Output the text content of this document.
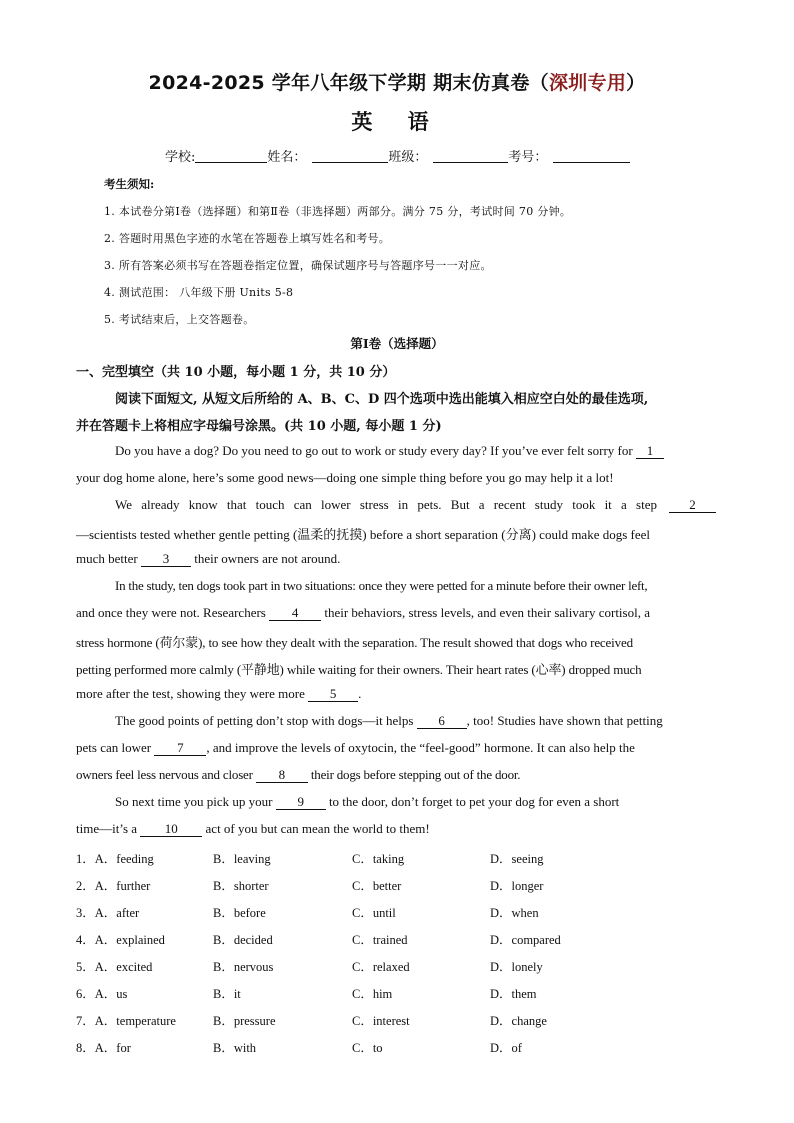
2024-2025 学年八年级下学期 期末仿真卷（深圳专用）
英 语
学校:	姓名：	班级：	考号：
考生须知:
1. 本试卷分第Ⅰ卷（选择题）和第Ⅱ卷（非选择题）两部分。满分 75 分，考试时间 70 分钟。
2. 答题时用黑色字迹的水笔在答题卷上填写姓名和考号。
3. 所有答案必须书写在答题卷指定位置，确保试题序号与答题序号一一对应。
4. 测试范围： 八年级下册 Units 5-8
5. 考试结束后，上交答题卷。
第Ⅰ卷（选择题）
一、完型填空（共 10 小题，每小题 1 分，共 10 分）
阅读下面短文, 从短文后所给的 A、B、C、D 四个选项中选出能填入相应空白处的最佳选项,
并在答题卡上将相应字母编号涂黑。(共 10 小题, 每小题 1 分)
Do you have a dog? Do you need to go out to work or study every day? If you’ve ever felt sorry for 1
your dog home alone, here’s some good news—doing one simple thing before you go may help it a lot!
We already know that touch can lower stress in pets. But a recent study took it a step 2
—scientists tested whether gentle petting (温柔的抚摸) before a short separation (分离) could make dogs feel
much better 3 their owners are not around.
In the study, ten dogs took part in two situations: once they were petted for a minute before their owner left,
and once they were not. Researchers 4 their behaviors, stress levels, and even their salivary cortisol, a
stress hormone (荷尔蒙), to see how they dealt with the separation. The result showed that dogs who received
petting performed more calmly (平静地) while waiting for their owners. Their heart rates (心率) dropped much
more after the test, showing they were more 5 .
The good points of petting don’t stop with dogs—it helps 6 , too! Studies have shown that petting
pets can lower 7 , and improve the levels of oxytocin, the “feel-good” hormone. It can also help the
owners feel less nervous and closer 8 their dogs before stepping out of the door.
So next time you pick up your 9 to the door, don’t forget to pet your dog for even a short
time—it’s a 10 act of you but can mean the world to them!
1．A．feeding	B．leaving	C．taking	D．seeing
2．A．further	B．shorter	C．better	D．longer
3．A．after	B．before	C．until	D．when
4．A．explained	B．decided	C．trained	D．compared
5．A．excited	B．nervous	C．relaxed	D．lonely
6．A．us	B．it	C．him	D．them
7．A．temperature	B．pressure	C．interest	D．change
8．A．for	B．with	C．to	D．of
